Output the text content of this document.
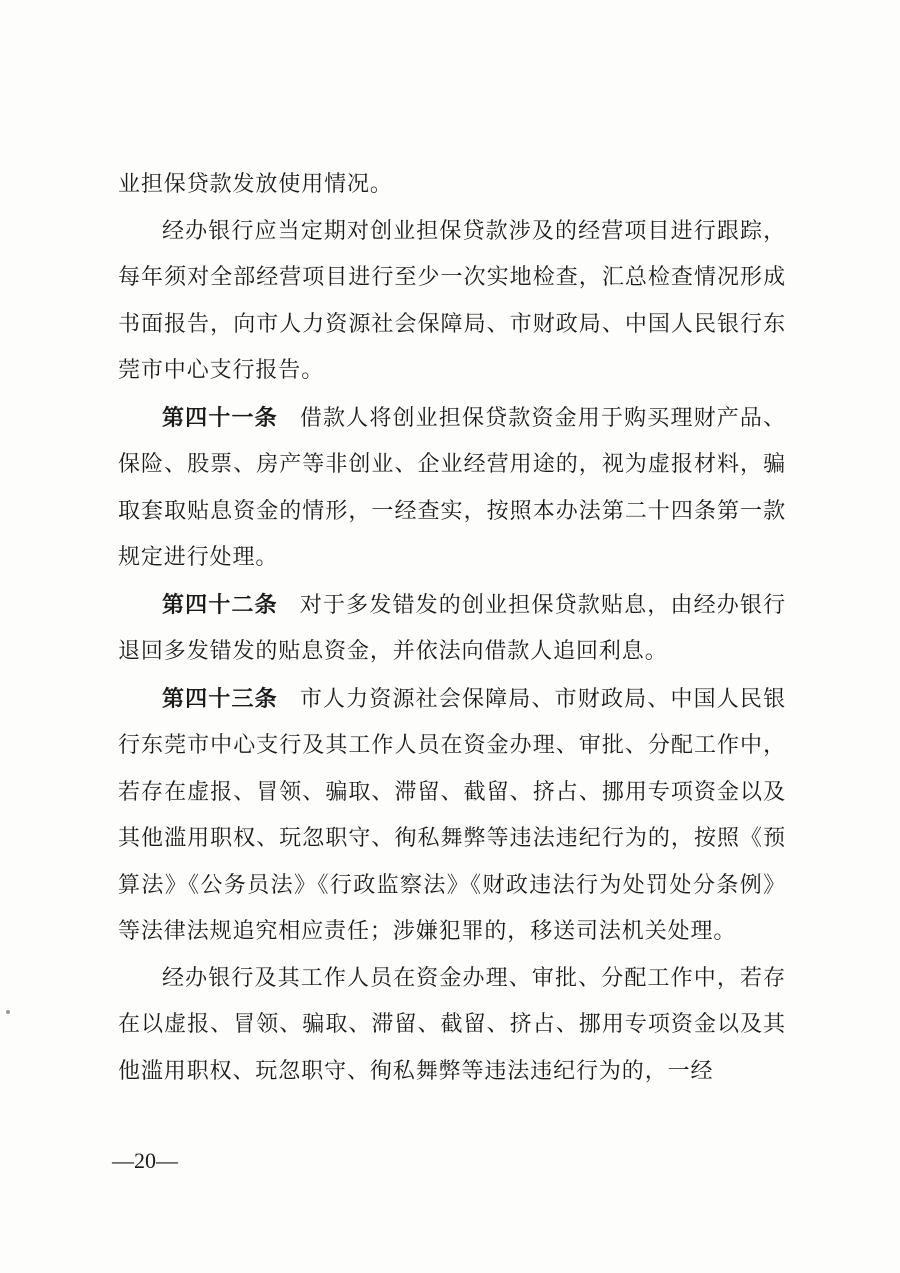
业担保贷款发放使用情况。

经办银行应当定期对创业担保贷款涉及的经营项目进行跟踪，每年须对全部经营项目进行至少一次实地检查，汇总检查情况形成书面报告，向市人力资源社会保障局、市财政局、中国人民银行东莞市中心支行报告。

第四十一条 借款人将创业担保贷款资金用于购买理财产品、保险、股票、房产等非创业、企业经营用途的，视为虚报材料，骗取套取贴息资金的情形，一经查实，按照本办法第二十四条第一款规定进行处理。

第四十二条 对于多发错发的创业担保贷款贴息，由经办银行退回多发错发的贴息资金，并依法向借款人追回利息。

第四十三条 市人力资源社会保障局、市财政局、中国人民银行东莞市中心支行及其工作人员在资金办理、审批、分配工作中，若存在虚报、冒领、骗取、滞留、截留、挤占、挪用专项资金以及其他滥用职权、玩忽职守、徇私舞弊等违法违纪行为的，按照《预算法》《公务员法》《行政监察法》《财政违法行为处罚处分条例》等法律法规追究相应责任；涉嫌犯罪的，移送司法机关处理。

经办银行及其工作人员在资金办理、审批、分配工作中，若存在以虚报、冒领、骗取、滞留、截留、挤占、挪用专项资金以及其他滥用职权、玩忽职守、徇私舞弊等违法违纪行为的，一经

—20—
